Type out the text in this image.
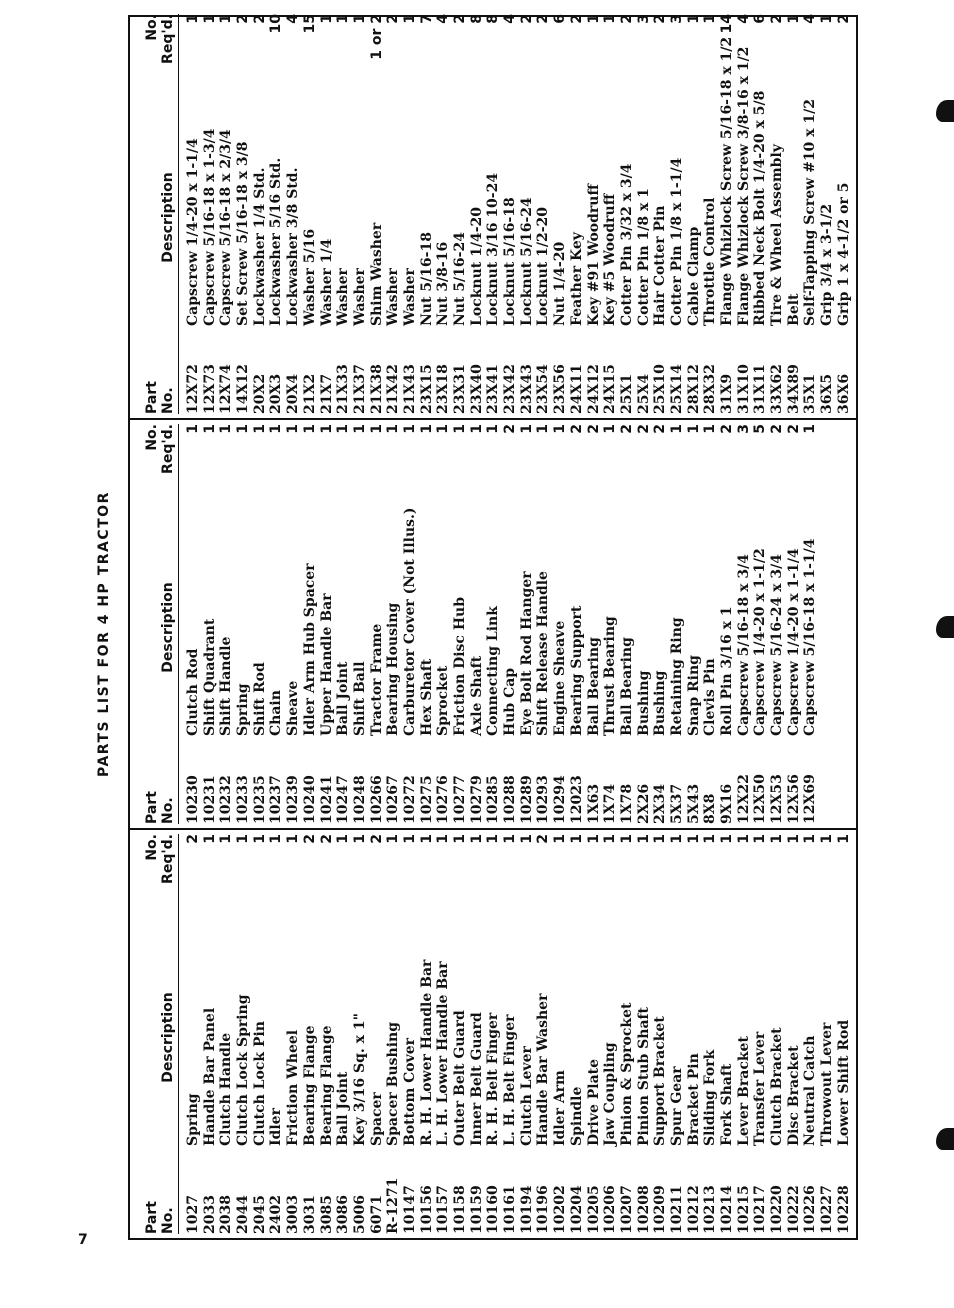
7
PARTS LIST FOR 4 HP TRACTOR
Part No. 1027 2033 2038 2044 2045 2402 3003 3031 3085 3086 5006 6071 R-1271 10147 10156 10157 10158 10159 10160 10161 10194 10196 10202 10204 10205 10206 10207 10208 10209 10211 10212 10213 10214 10215 10217 10220 10222 10226 10227 10228
Description
Spring Handle Bar Panel Clutch Handle Clutch Lock Spring Clutch Lock Pin Idler Friction Wheel Bearing Flange Bearing Flange Ball Joint Key 3/16 Sq. x 1" Spacer Spacer Bushing Bottom Cover R. H. Lower Handle Bar L. H. Lower Handle Bar Outer Belt Guard Inner Belt Guard R. H. Belt Finger L. H. Belt Finger Clutch Lever Handle Bar Washer Idler Arm Spindle Drive Plate Jaw Coupling Pinion & Sprocket Pinion Stub Shaft Support Bracket Spur Gear Bracket Pin Sliding Fork Fork Shaft Lever Bracket Transfer Lever Clutch Bracket Disc Bracket Neutral Catch Throwout Lever Lower Shift Rod
No. Req'd. 2 1 1 1 1 1 1 2 2 1 1 2 1 1 1 1 1 1 1 1 1 2 1 1 1 1 1 1 1 1 1 1 1 1 1 1 1 1 1 1
Part No. 10230 10231 10232 10233 10235 10237 10239 10240 10241 10247 10248 10266 10267 10272 10275 10276 10277 10279 10285 10288 10289 10293 10294 12023 1X63 1X74 1X78 2X26 2X34 5X37 5X43 8X8 9X16 12X22 12X50 12X53 12X56 12X69
Description
Clutch Rod Shift Quadrant Shift Handle Spring Shift Rod Chain Sheave Idler Arm Hub Spacer Upper Handle Bar Ball Joint Shift Ball Tractor Frame Bearing Housing Carburetor Cover (Not Illus.) Hex Shaft Sprocket Friction Disc Hub Axle Shaft Connecting Link Hub Cap Eye Bolt Rod Hanger Shift Release Handle Engine Sheave Bearing Support Ball Bearing Thrust Bearing Ball Bearing Bushing Bushing Retaining Ring Snap Ring Clevis Pin Roll Pin 3/16 x 1 Capscrew 5/16-18 x 3/4 Capscrew 1/4-20 x 1-1/2 Capscrew 5/16-24 x 3/4 Capscrew 1/4-20 x 1-1/4 Capscrew 5/16-18 x 1-1/4
No. Req'd. 1 1 1 1 1 1 1 1 1 1 1 1 1 1 1 1 1 1 1 2 1 1 1 2 2 1 2 2 2 1 1 1 2 3 5 2 2 1
Part No. 12X72 12X73 12X74 14X12 20X2 20X3 20X4 21X2 21X7 21X33 21X37 21X38 21X42 21X43 23X15 23X18 23X31 23X40 23X41 23X42 23X43 23X54 23X56 24X11 24X12 24X15 25X1 25X4 25X10 25X14 28X12 28X32 31X9 31X10 31X11 33X62 34X89 35X1 36X5 36X6
Description Capscrew 1/4-20 x 1-1/4 Capscrew 5/16-18 x 1-3/4 Capscrew 5/16-18 x 2/3/4 Set Screw 5/16-18 x 3/8 Lockwasher 1/4 Std. Lockwasher 5/16 Std. Lockwasher 3/8 Std. Washer 5/16 Washer 1/4 Washer Washer Shim Washer Washer Washer Nut 5/16-18 Nut 3/8-16 Nut 5/16-24 Locknut 1/4-20 Locknut 3/16 10-24 Locknut 5/16-18 Locknut 5/16-24 Locknut 1/2-20 Nut 1/4-20 Feather Key Key #91 Woodruff Key #5 Woodruff Cotter Pin 3/32 x 3/4 Cotter Pin 1/8 x 1 Hair Cotter Pin Cotter Pin 1/8 x 1-1/4 Cable Clamp Throttle Control Flange Whizlock Screw 5/16-18 x 1/2 Flange Whizlock Screw 3/8-16 x 1/2 Ribbed Neck Bolt 1/4-20 x 5/8 Tire & Wheel Assembly Belt Self-Tapping Screw #10 x 1/2 Grip 3/4 x 3-1/2 Grip 1 x 4-1/2 or 5
No. Req'd. 1 1 1 2 2 10 4 15 1 1 1 1 or 2 2 1 7 4 2 8 8 4 2 2 6 2 1 1 2 3 2 3 1 1 14 4 6 2 1 4 1 2
